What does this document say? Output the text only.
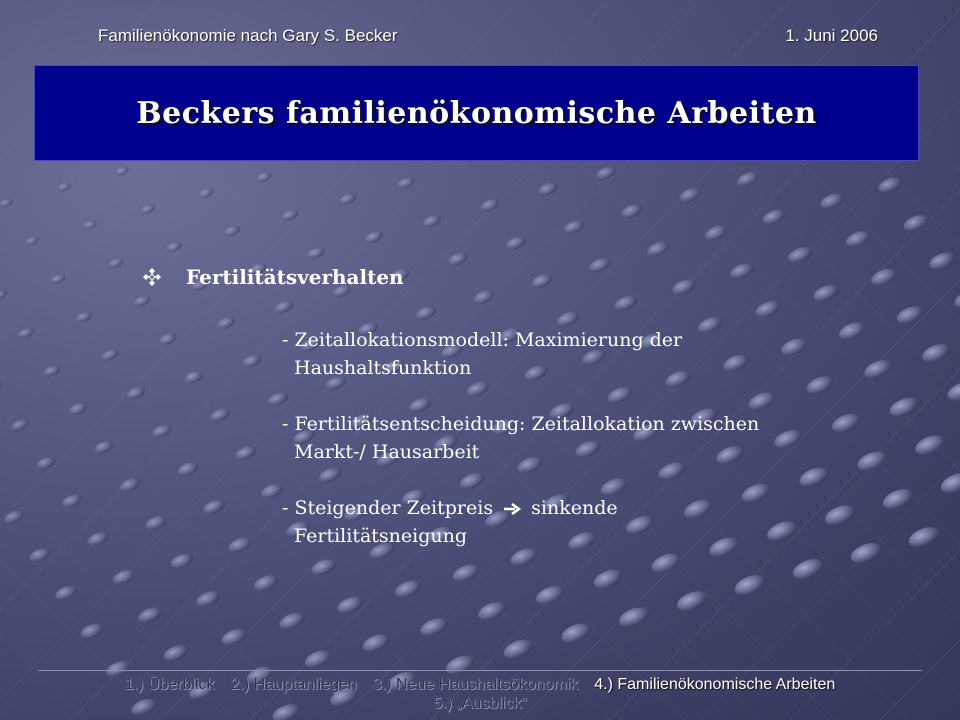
Familienökonomie nach Gary S. Becker	1. Juni 2006
Beckers familienökonomische Arbeiten
Fertilitätsverhalten
- Zeitallokationsmodell: Maximierung der
Haushaltsfunktion
- Fertilitätsentscheidung: Zeitallokation zwischen
Markt-/ Hausarbeit
- Steigender Zeitpreis sinkende
Fertilitätsneigung
1.) Überblick 2.) Hauptanliegen 3.) Neue Haushaltsökonomik 4.) Familienökonomische Arbeiten
5.) „Ausblick“
